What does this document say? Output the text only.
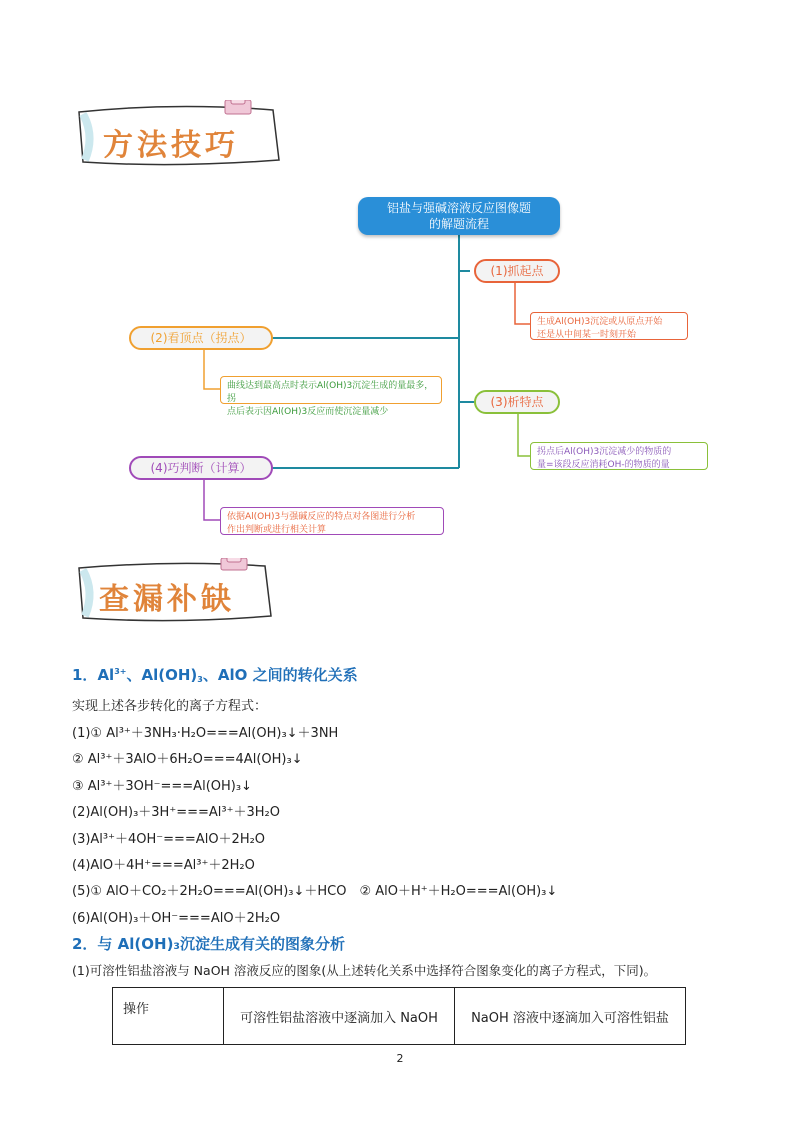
方法技巧
铝盐与强碱溶液反应图像题
的解题流程
(1)抓起点
生成Al(OH)3沉淀或从原点开始
还是从中间某一时刻开始
(2)看顶点（拐点）
曲线达到最高点时表示Al(OH)3沉淀生成的量最多，拐
点后表示因Al(OH)3反应而使沉淀量减少
(3)析特点
拐点后Al(OH)3沉淀减少的物质的
量=该段反应消耗OH-的物质的量
(4)巧判断（计算）
依据Al(OH)3与强碱反应的特点对各图进行分析
作出判断或进行相关计算
查漏补缺
1．$Al^{3+}$、$Al(OH)_3$、AlO 之间的转化关系
实现上述各步转化的离子方程式：
(1)① Al³⁺＋3NH₃·H₂O===Al(OH)₃↓＋3NH
② Al³⁺＋3AlO＋6H₂O===4Al(OH)₃↓
③ Al³⁺＋3OH⁻===Al(OH)₃↓
(2)Al(OH)₃＋3H⁺===Al³⁺＋3H₂O
(3)Al³⁺＋4OH⁻===AlO＋2H₂O
(4)AlO＋4H⁺===Al³⁺＋2H₂O
(5)① AlO＋CO₂＋2H₂O===Al(OH)₃↓＋HCO　② AlO＋H⁺＋H₂O===Al(OH)₃↓
(6)Al(OH)₃＋OH⁻===AlO＋2H₂O
2．与 Al(OH)₃沉淀生成有关的图象分析
(1)可溶性铝盐溶液与 NaOH 溶液反应的图象(从上述转化关系中选择符合图象变化的离子方程式，下同)。
操作	可溶性铝盐溶液中逐滴加入 NaOH	NaOH 溶液中逐滴加入可溶性铝盐
2
